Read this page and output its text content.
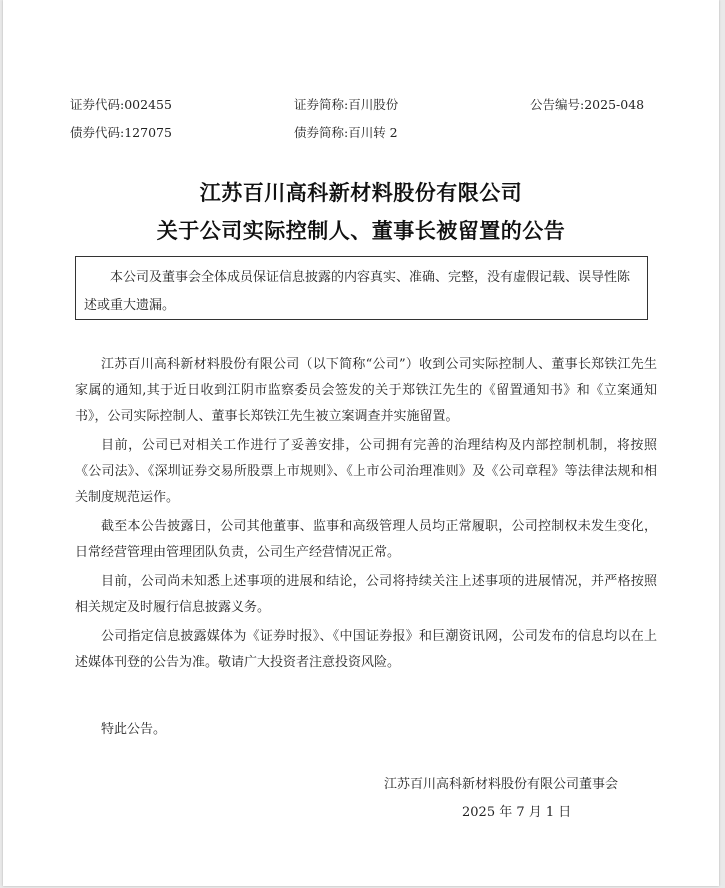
证券代码:002455	证券简称:百川股份	公告编号:2025-048
债券代码:127075	债券简称:百川转 2
江苏百川高科新材料股份有限公司
关于公司实际控制人、董事长被留置的公告
本公司及董事会全体成员保证信息披露的内容真实、准确、完整，没有虚假记载、误导性陈述或重大遗漏。

江苏百川高科新材料股份有限公司（以下简称“公司”）收到公司实际控制人、董事长郑铁江先生家属的通知,其于近日收到江阴市监察委员会签发的关于郑铁江先生的《留置通知书》和《立案通知书》，公司实际控制人、董事长郑铁江先生被立案调查并实施留置。

目前，公司已对相关工作进行了妥善安排，公司拥有完善的治理结构及内部控制机制，将按照《公司法》、《深圳证券交易所股票上市规则》、《上市公司治理准则》及《公司章程》等法律法规和相关制度规范运作。

截至本公告披露日，公司其他董事、监事和高级管理人员均正常履职，公司控制权未发生变化，日常经营管理由管理团队负责，公司生产经营情况正常。

目前，公司尚未知悉上述事项的进展和结论，公司将持续关注上述事项的进展情况，并严格按照相关规定及时履行信息披露义务。

公司指定信息披露媒体为《证券时报》、《中国证券报》和巨潮资讯网，公司发布的信息均以在上述媒体刊登的公告为准。敬请广大投资者注意投资风险。

特此公告。
江苏百川高科新材料股份有限公司董事会
2025 年 7 月 1 日
